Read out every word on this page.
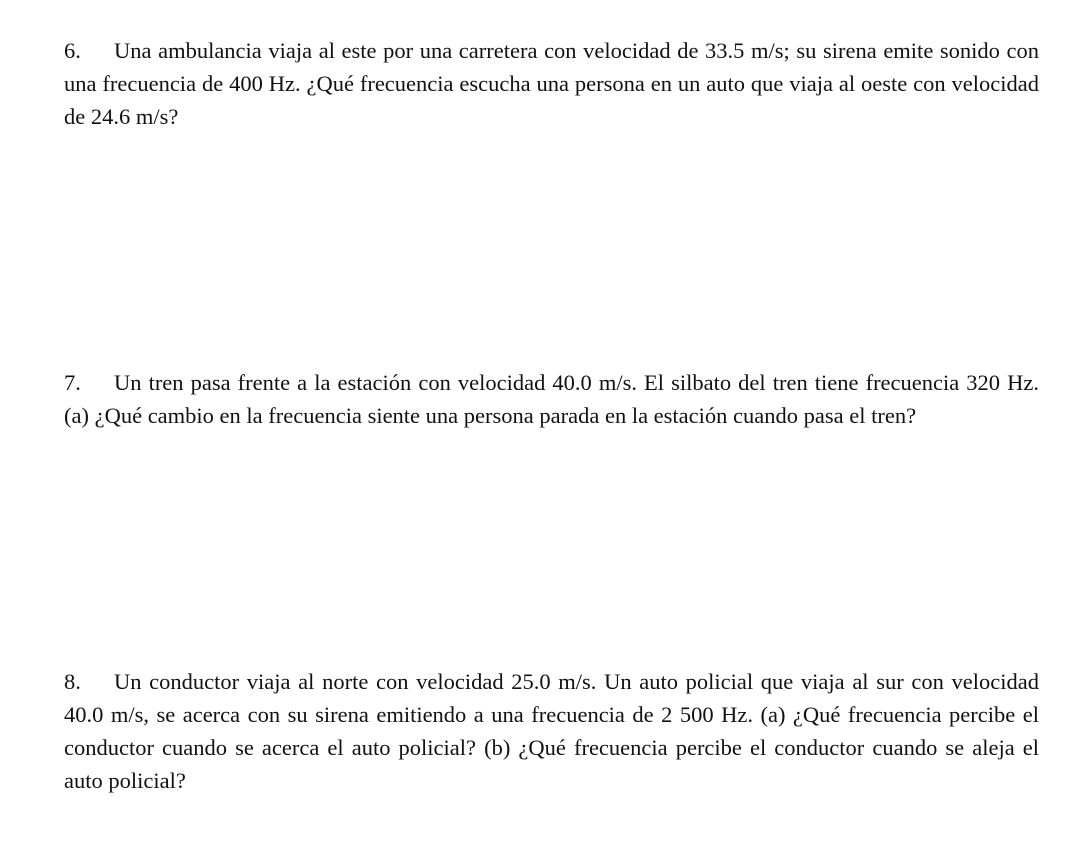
6. Una ambulancia viaja al este por una carretera con velocidad de 33.5 m/s; su sirena emite sonido con una frecuencia de 400 Hz. ¿Qué frecuencia escucha una persona en un auto que viaja al oeste con velocidad de 24.6 m/s?

7. Un tren pasa frente a la estación con velocidad 40.0 m/s. El silbato del tren tiene frecuencia 320 Hz. (a) ¿Qué cambio en la frecuencia siente una persona parada en la estación cuando pasa el tren?

8. Un conductor viaja al norte con velocidad 25.0 m/s. Un auto policial que viaja al sur con velocidad 40.0 m/s, se acerca con su sirena emitiendo a una frecuencia de 2 500 Hz. (a) ¿Qué frecuencia percibe el conductor cuando se acerca el auto policial? (b) ¿Qué frecuencia percibe el conductor cuando se aleja el auto policial?
